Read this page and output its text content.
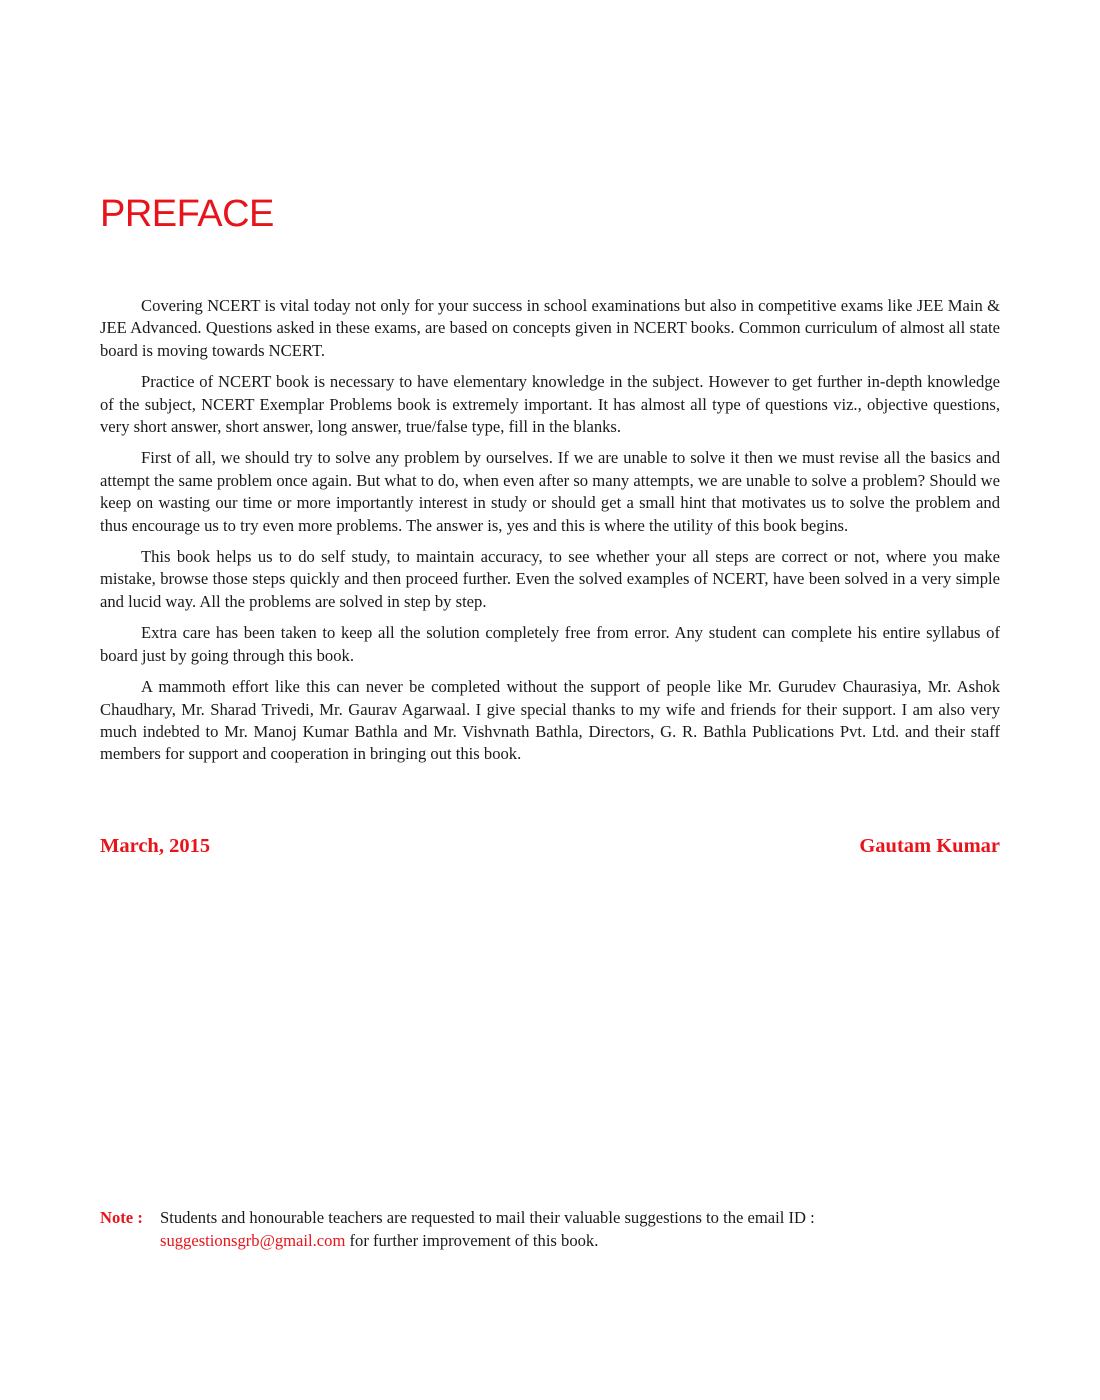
PREFACE

Covering NCERT is vital today not only for your success in school examinations but also in competitive exams like JEE Main & JEE Advanced. Questions asked in these exams, are based on concepts given in NCERT books. Common curriculum of almost all state board is moving towards NCERT.

Practice of NCERT book is necessary to have elementary knowledge in the subject. However to get further in-depth knowledge of the subject, NCERT Exemplar Problems book is extremely important. It has almost all type of questions viz., objective questions, very short answer, short answer, long answer, true/false type, fill in the blanks.

First of all, we should try to solve any problem by ourselves. If we are unable to solve it then we must revise all the basics and attempt the same problem once again. But what to do, when even after so many attempts, we are unable to solve a problem? Should we keep on wasting our time or more importantly interest in study or should get a small hint that motivates us to solve the problem and thus encourage us to try even more problems. The answer is, yes and this is where the utility of this book begins.

This book helps us to do self study, to maintain accuracy, to see whether your all steps are correct or not, where you make mistake, browse those steps quickly and then proceed further. Even the solved examples of NCERT, have been solved in a very simple and lucid way. All the problems are solved in step by step.

Extra care has been taken to keep all the solution completely free from error. Any student can complete his entire syllabus of board just by going through this book.

A mammoth effort like this can never be completed without the support of people like Mr. Gurudev Chaurasiya, Mr. Ashok Chaudhary, Mr. Sharad Trivedi, Mr. Gaurav Agarwaal. I give special thanks to my wife and friends for their support. I am also very much indebted to Mr. Manoj Kumar Bathla and Mr. Vishvnath Bathla, Directors, G. R. Bathla Publications Pvt. Ltd. and their staff members for support and cooperation in bringing out this book.

March, 2015	Gautam Kumar
Note : Students and honourable teachers are requested to mail their valuable suggestions to the email ID :
suggestionsgrb@gmail.com for further improvement of this book.
